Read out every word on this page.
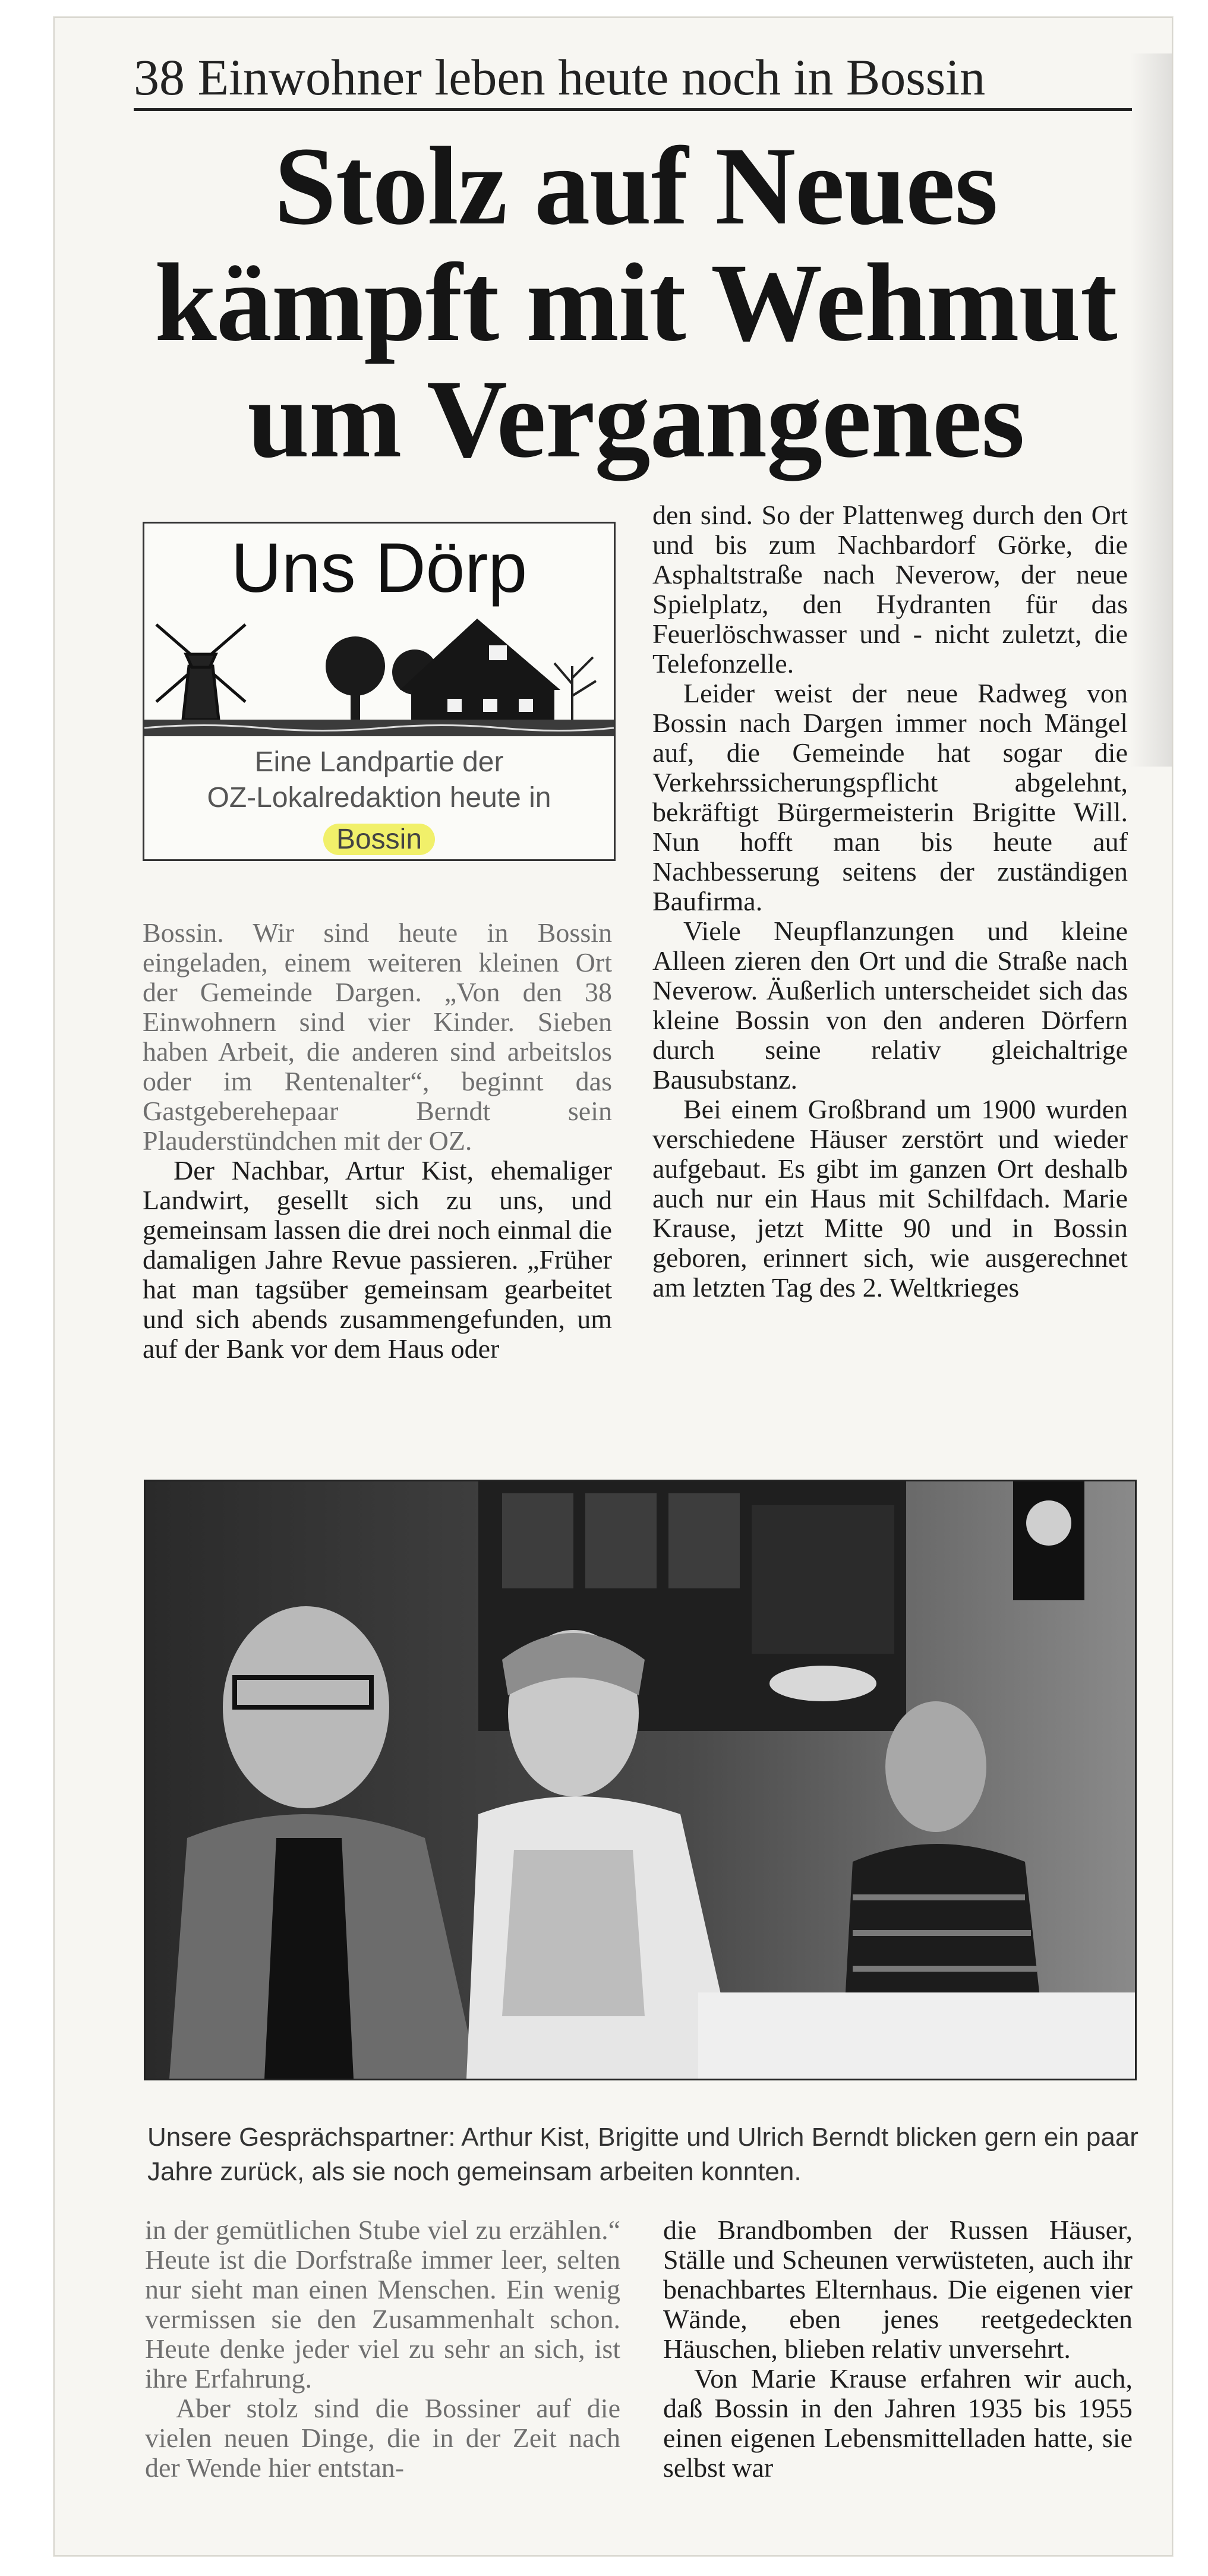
38 Einwohner leben heute noch in Bossin
Stolz auf Neues
kämpft mit Wehmut
um Vergangenes
Uns Dörp
Eine Landpartie der
OZ-Lokalredaktion heute in
Bossin

Bossin. Wir sind heute in Bossin eingeladen, einem weiteren kleinen Ort der Gemeinde Dargen. „Von den 38 Einwohnern sind vier Kinder. Sieben haben Arbeit, die anderen sind arbeitslos oder im Rentenalter“, beginnt das Gastgeberehepaar Berndt sein Plauderstündchen mit der OZ.

Der Nachbar, Artur Kist, ehemaliger Landwirt, gesellt sich zu uns, und gemeinsam lassen die drei noch einmal die damaligen Jahre Revue passieren. „Früher hat man tagsüber gemeinsam gearbeitet und sich abends zusammengefunden, um auf der Bank vor dem Haus oder

den sind. So der Plattenweg durch den Ort und bis zum Nachbardorf Görke, die Asphaltstraße nach Neverow, der neue Spielplatz, den Hydranten für das Feuerlöschwasser und - nicht zuletzt, die Telefonzelle.

Leider weist der neue Radweg von Bossin nach Dargen immer noch Mängel auf, die Gemeinde hat sogar die Verkehrssicherungspflicht abgelehnt, bekräftigt Bürgermeisterin Brigitte Will. Nun hofft man bis heute auf Nachbesserung seitens der zuständigen Baufirma.

Viele Neupflanzungen und kleine Alleen zieren den Ort und die Straße nach Neverow. Äußerlich unterscheidet sich das kleine Bossin von den anderen Dörfern durch seine relativ gleichaltrige Bausubstanz.

Bei einem Großbrand um 1900 wurden verschiedene Häuser zerstört und wieder aufgebaut. Es gibt im ganzen Ort deshalb auch nur ein Haus mit Schilfdach. Marie Krause, jetzt Mitte 90 und in Bossin geboren, erinnert sich, wie ausgerechnet am letzten Tag des 2. Weltkrieges

Unsere Gesprächspartner: Arthur Kist, Brigitte und Ulrich Berndt blicken gern ein paar Jahre zurück, als sie noch gemeinsam arbeiten konnten.

in der gemütlichen Stube viel zu erzählen.“ Heute ist die Dorfstraße immer leer, selten nur sieht man einen Menschen. Ein wenig vermissen sie den Zusammenhalt schon. Heute denke jeder viel zu sehr an sich, ist ihre Erfahrung.

Aber stolz sind die Bossiner auf die vielen neuen Dinge, die in der Zeit nach der Wende hier entstan-

die Brandbomben der Russen Häuser, Ställe und Scheunen verwüsteten, auch ihr benachbartes Elternhaus. Die eigenen vier Wände, eben jenes reetgedeckten Häuschen, blieben relativ unversehrt.

Von Marie Krause erfahren wir auch, daß Bossin in den Jahren 1935 bis 1955 einen eigenen Lebensmittelladen hatte, sie selbst war
